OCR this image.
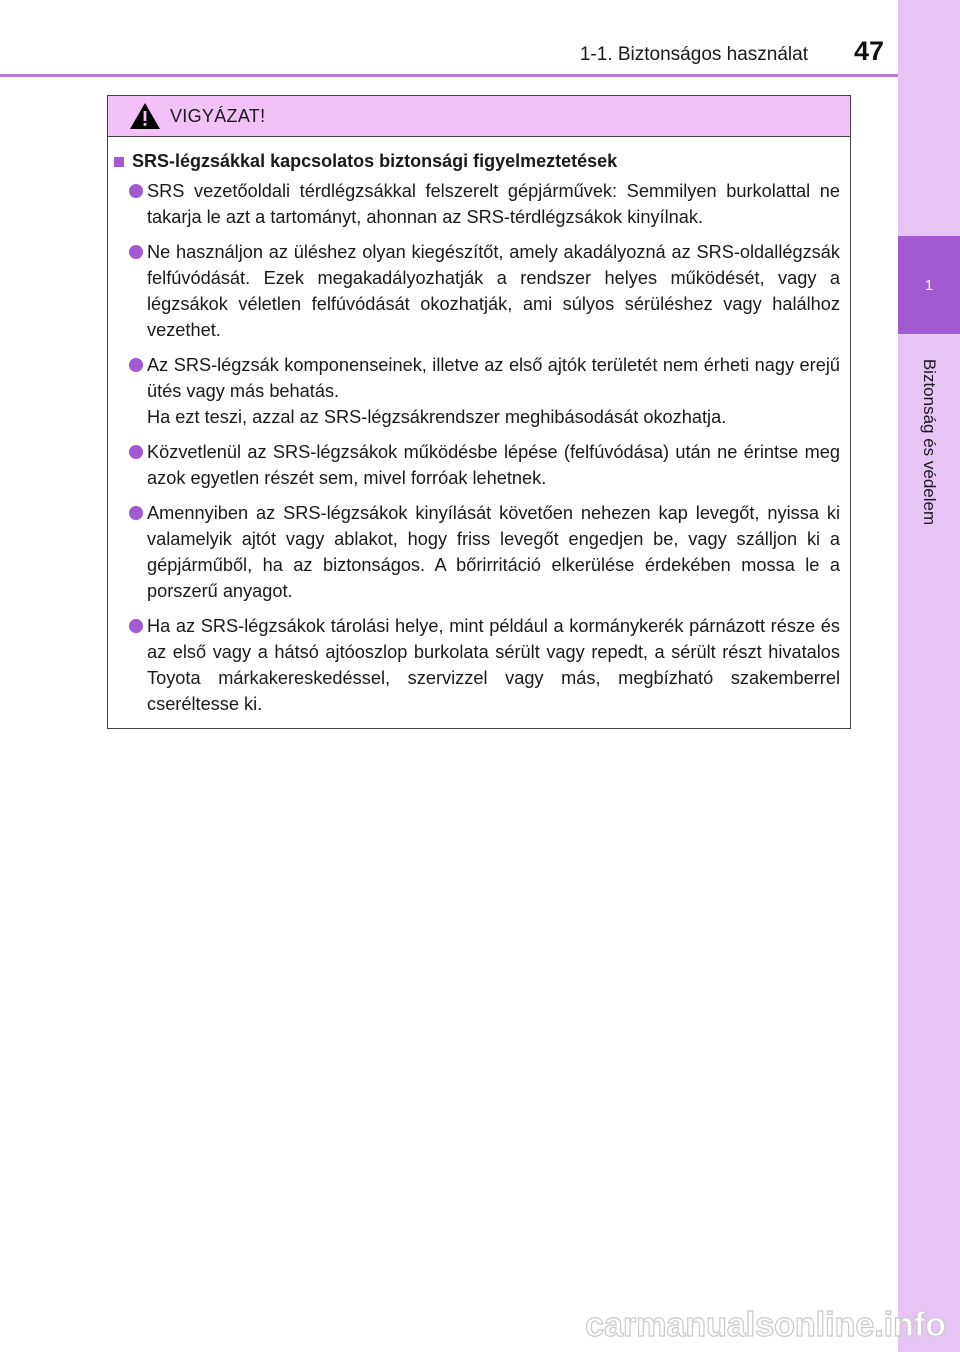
1-1. Biztonságos használat 47
1
Biztonság és védelem
VIGYÁZAT!
SRS-légzsákkal kapcsolatos biztonsági figyelmeztetések
SRS vezetőoldali térdlégzsákkal felszerelt gépjárművek: Semmilyen burkolattal ne takarja le azt a tartományt, ahonnan az SRS-térdlégzsákok kinyílnak.
Ne használjon az üléshez olyan kiegészítőt, amely akadályozná az SRS-oldallégzsák felfúvódását. Ezek megakadályozhatják a rendszer helyes működését, vagy a légzsákok véletlen felfúvódását okozhatják, ami súlyos sérüléshez vagy halálhoz vezethet.
Az SRS-légzsák komponenseinek, illetve az első ajtók területét nem érheti nagy erejű ütés vagy más behatás.
Ha ezt teszi, azzal az SRS-légzsákrendszer meghibásodását okozhatja.
Közvetlenül az SRS-légzsákok működésbe lépése (felfúvódása) után ne érintse meg azok egyetlen részét sem, mivel forróak lehetnek.
Amennyiben az SRS-légzsákok kinyílását követően nehezen kap levegőt, nyissa ki valamelyik ajtót vagy ablakot, hogy friss levegőt engedjen be, vagy szálljon ki a gépjárműből, ha az biztonságos. A bőrirritáció elkerülése érdekében mossa le a porszerű anyagot.
Ha az SRS-légzsákok tárolási helye, mint például a kormánykerék párnázott része és az első vagy a hátsó ajtóoszlop burkolata sérült vagy repedt, a sérült részt hivatalos Toyota márkakereskedéssel, szervizzel vagy más, megbízható szakemberrel cseréltesse ki.
carmanualsonline.info
